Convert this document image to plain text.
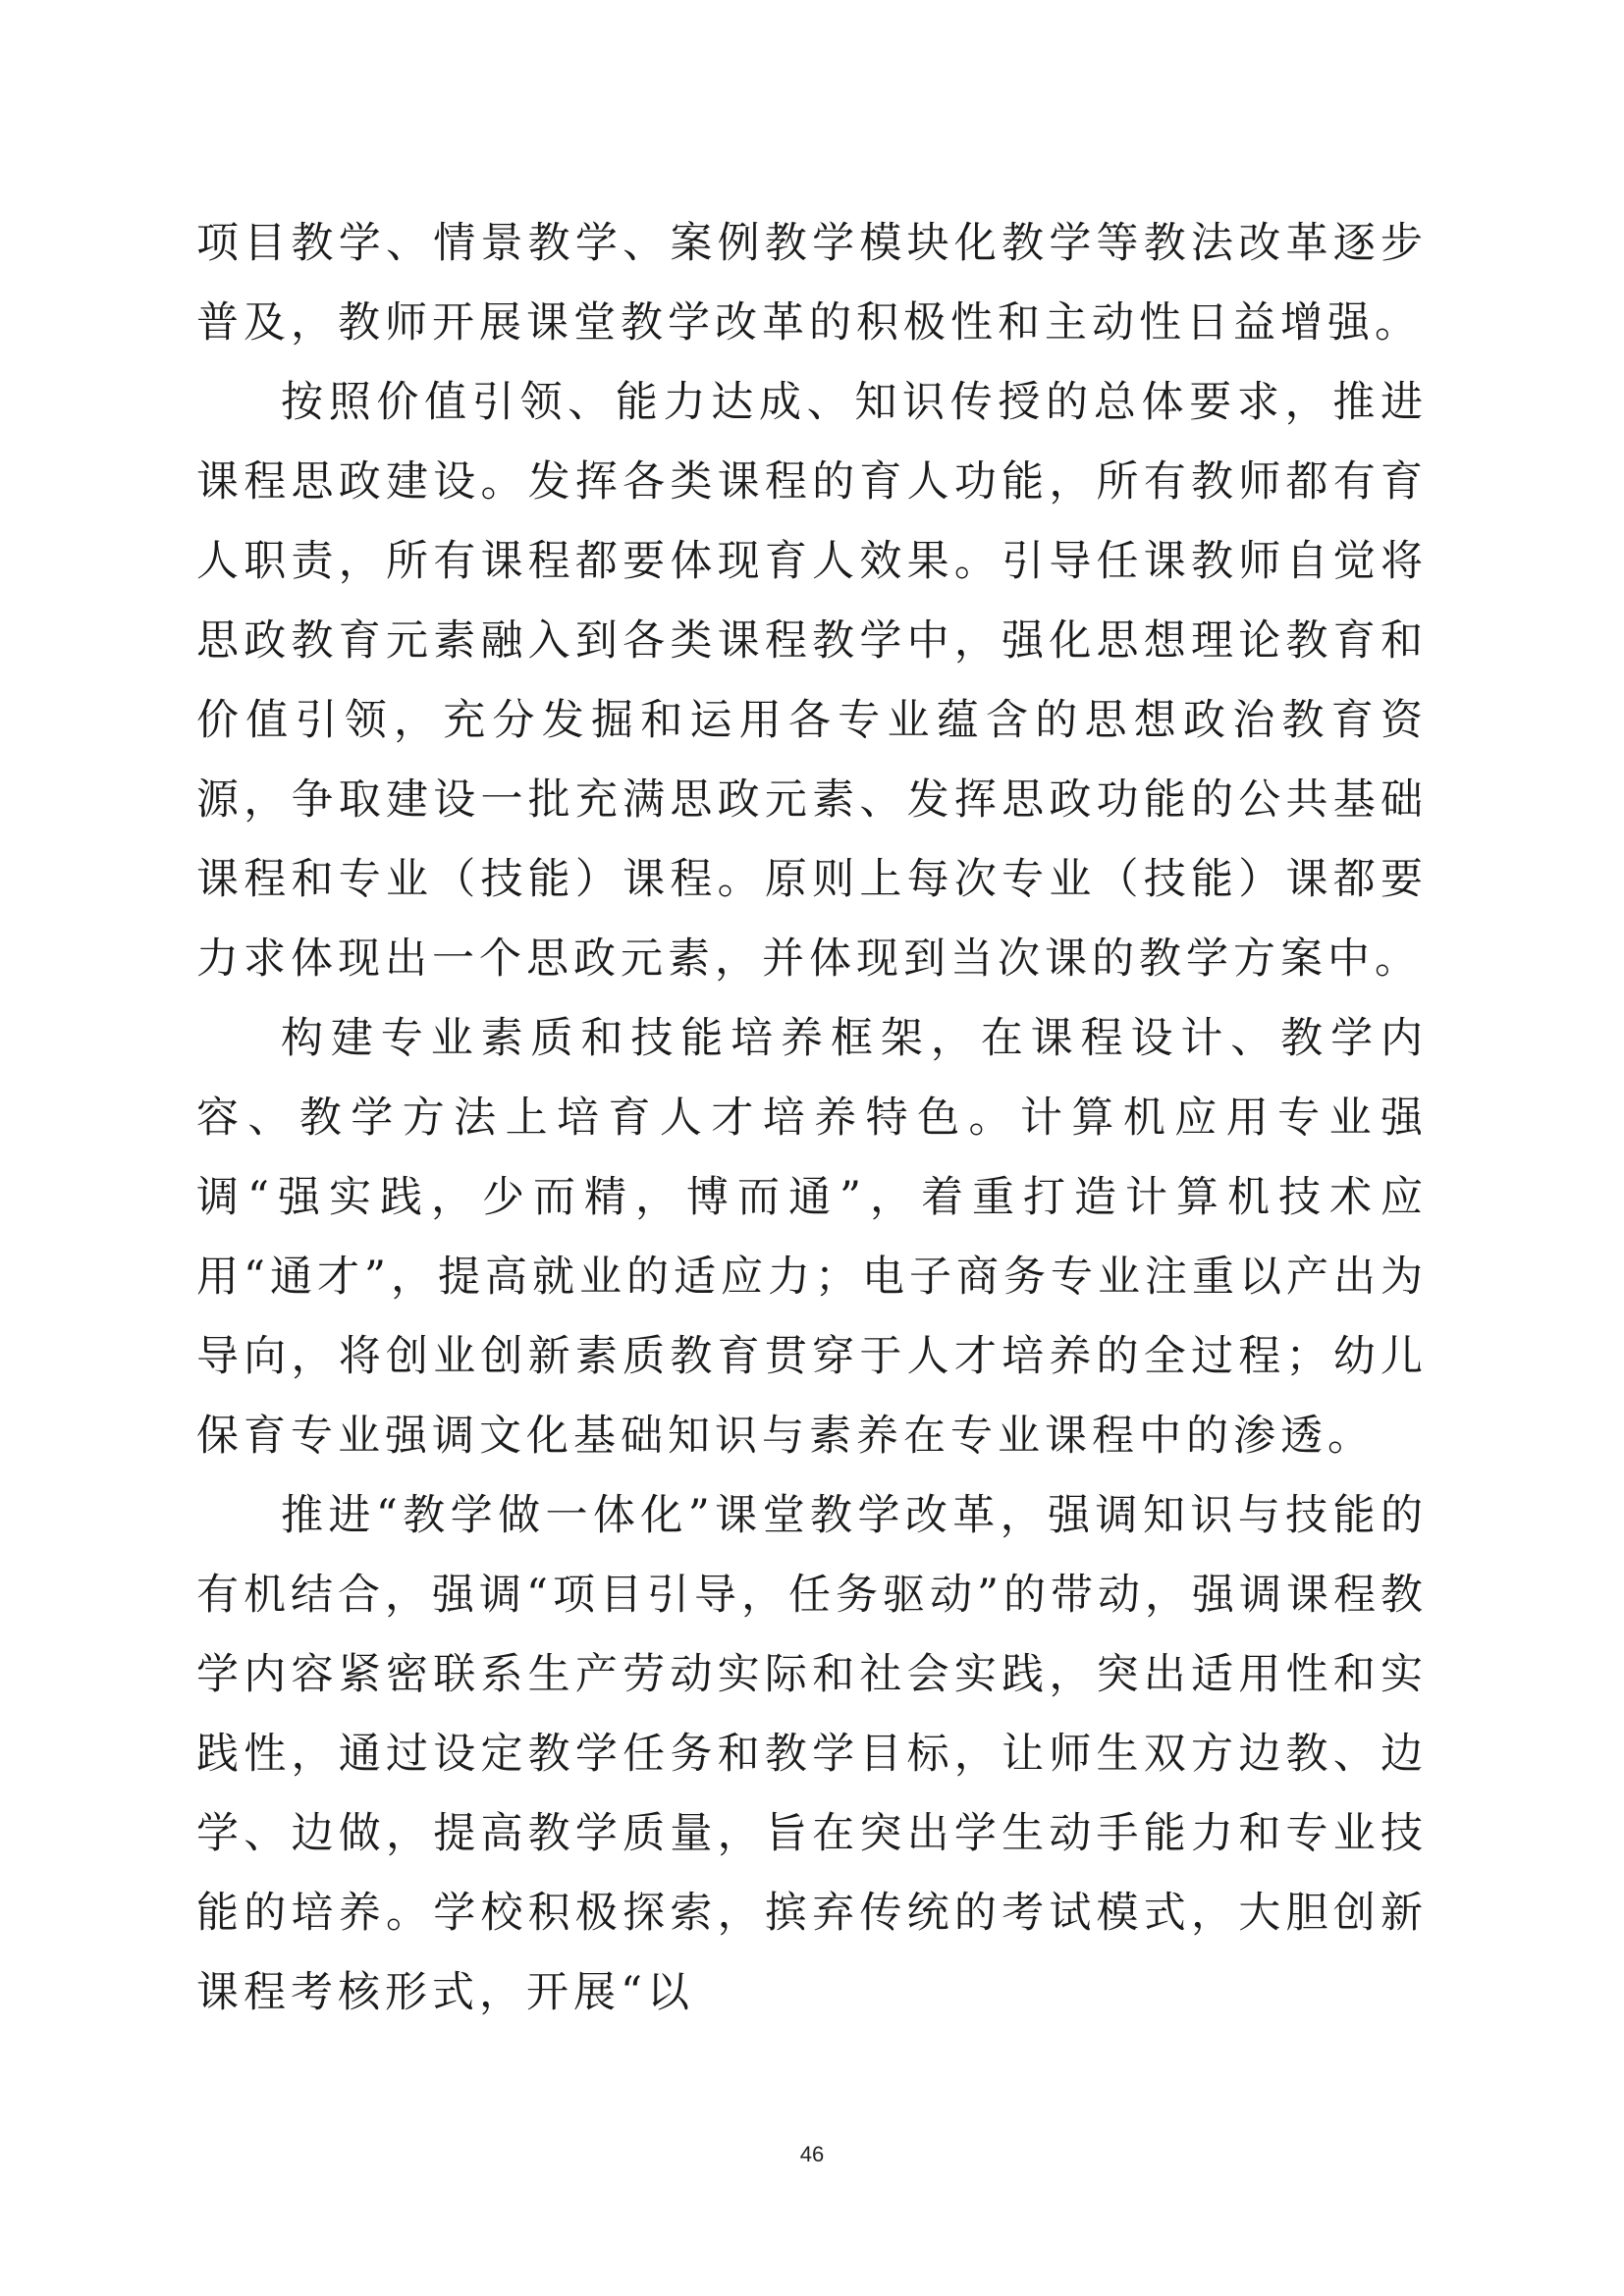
项目教学、情景教学、案例教学模块化教学等教法改革逐步普及，教师开展课堂教学改革的积极性和主动性日益增强。

按照价值引领、能力达成、知识传授的总体要求，推进课程思政建设。发挥各类课程的育人功能，所有教师都有育人职责，所有课程都要体现育人效果。引导任课教师自觉将思政教育元素融入到各类课程教学中，强化思想理论教育和价值引领，充分发掘和运用各专业蕴含的思想政治教育资源，争取建设一批充满思政元素、发挥思政功能的公共基础课程和专业（技能）课程。原则上每次专业（技能）课都要力求体现出一个思政元素，并体现到当次课的教学方案中。

构建专业素质和技能培养框架，在课程设计、教学内容、教学方法上培育人才培养特色。计算机应用专业强调“强实践，少而精，博而通”，着重打造计算机技术应用“通才”，提高就业的适应力；电子商务专业注重以产出为导向，将创业创新素质教育贯穿于人才培养的全过程；幼儿保育专业强调文化基础知识与素养在专业课程中的渗透。

推进“教学做一体化”课堂教学改革，强调知识与技能的有机结合，强调“项目引导，任务驱动”的带动，强调课程教学内容紧密联系生产劳动实际和社会实践，突出适用性和实践性，通过设定教学任务和教学目标，让师生双方边教、边学、边做，提高教学质量，旨在突出学生动手能力和专业技能的培养。学校积极探索，摈弃传统的考试模式，大胆创新课程考核形式，开展“以

46
